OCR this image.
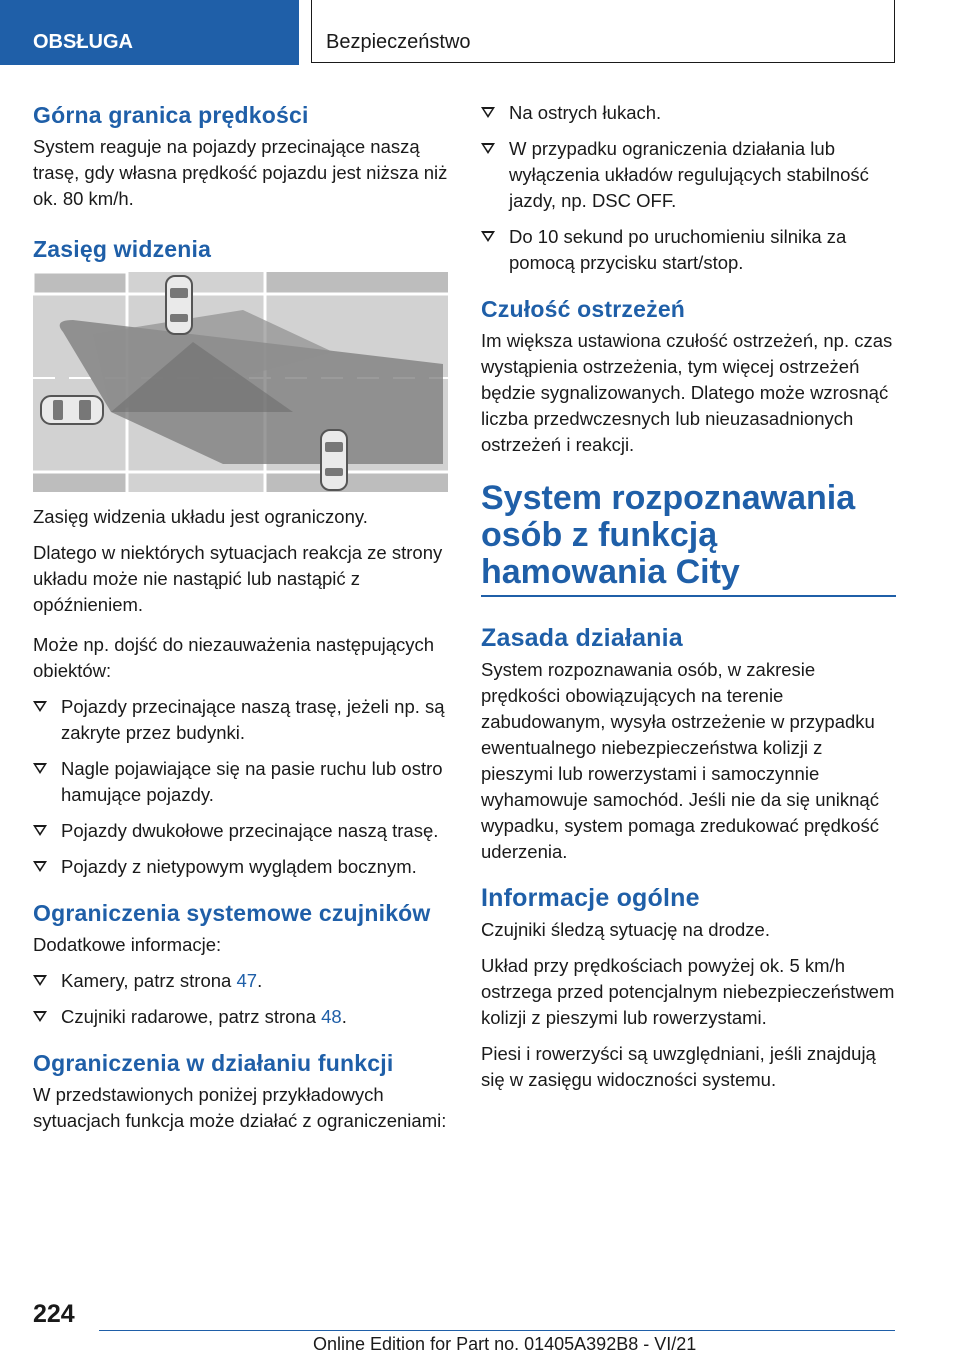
OBSŁUGA	Bezpieczeństwo
Górna granica prędkości

System reaguje na pojazdy przecinające naszą trasę, gdy własna prędkość pojazdu jest niższa niż ok. 80 km/h.

Zasięg widzenia

Zasięg widzenia układu jest ograniczony.

Dlatego w niektórych sytuacjach reakcja ze strony układu może nie nastąpić lub nastąpić z opóźnieniem.

Może np. dojść do niezauważenia następujących obiektów:

Pojazdy przecinające naszą trasę, jeżeli np. są zakryte przez budynki.
Nagle pojawiające się na pasie ruchu lub ostro hamujące pojazdy.
Pojazdy dwukołowe przecinające naszą trasę.
Pojazdy z nietypowym wyglądem bocznym.
Ograniczenia systemowe czujników

Dodatkowe informacje:

Kamery, patrz strona 47.
Czujniki radarowe, patrz strona 48.
Ograniczenia w działaniu funkcji

W przedstawionych poniżej przykładowych sytuacjach funkcja może działać z ograniczeniami:

Na ostrych łukach.
W przypadku ograniczenia działania lub wyłączenia układów regulujących stabilność jazdy, np. DSC OFF.
Do 10 sekund po uruchomieniu silnika za pomocą przycisku start/stop.
Czułość ostrzeżeń

Im większa ustawiona czułość ostrzeżeń, np. czas wystąpienia ostrzeżenia, tym więcej ostrzeżeń będzie sygnalizowanych. Dlatego może wzrosnąć liczba przedwczesnych lub nieuzasadnionych ostrzeżeń i reakcji.

System rozpoznawania osób z funkcją hamowania City
Zasada działania

System rozpoznawania osób, w zakresie prędkości obowiązujących na terenie zabudowanym, wysyła ostrzeżenie w przypadku ewentualnego niebezpieczeństwa kolizji z pieszymi lub rowerzystami i samoczynnie wyhamowuje samochód. Jeśli nie da się uniknąć wypadku, system pomaga zredukować prędkość uderzenia.

Informacje ogólne

Czujniki śledzą sytuację na drodze.

Układ przy prędkościach powyżej ok. 5 km/h ostrzega przed potencjalnym niebezpieczeństwem kolizji z pieszymi lub rowerzystami.

Piesi i rowerzyści są uwzględniani, jeśli znajdują się w zasięgu widoczności systemu.

224
Online Edition for Part no. 01405A392B8 - VI/21
